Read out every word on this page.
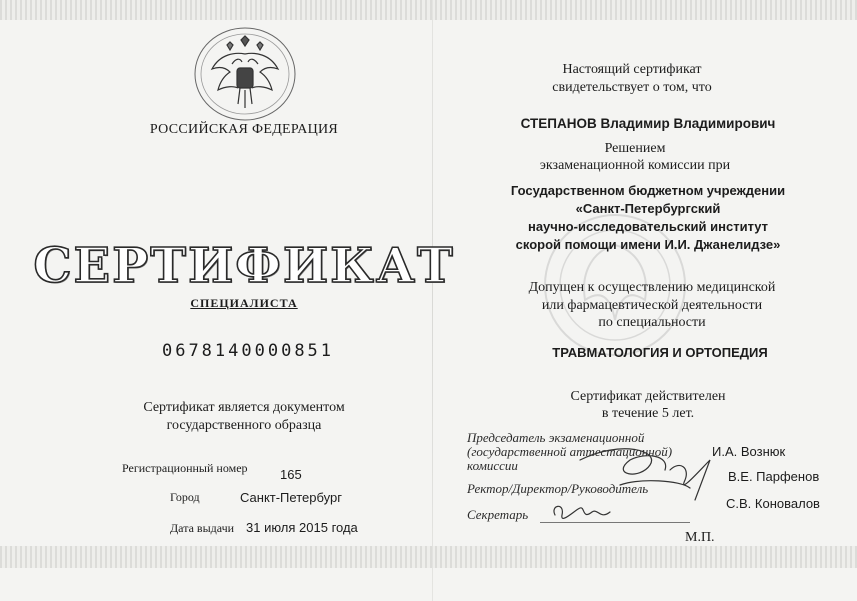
РОССИЙСКАЯ ФЕДЕРАЦИЯ
СЕРТИФИКАТ
СПЕЦИАЛИСТА
0678140000851
Сертификат является документом
государственного образца
Регистрационный номер 165
Город	Санкт-Петербург
Дата выдачи 31 июля 2015 года
Настоящий сертификат
свидетельствует о том, что
СТЕПАНОВ Владимир Владимирович
Решением
экзаменационной комиссии при
Государственном бюджетном учреждении
«Санкт-Петербургский
научно-исследовательский институт
скорой помощи имени И.И. Джанелидзе»
Допущен к осуществлению медицинской
или фармацевтической деятельности
по специальности
ТРАВМАТОЛОГИЯ И ОРТОПЕДИЯ
Сертификат действителен
в течение 5 лет.
Председатель экзаменационной
(государственной аттестационной)
комиссии
И.А. Вознюк
Ректор/Директор/Руководитель
В.Е. Парфенов
Секретарь
С.В. Коновалов
М.П.
